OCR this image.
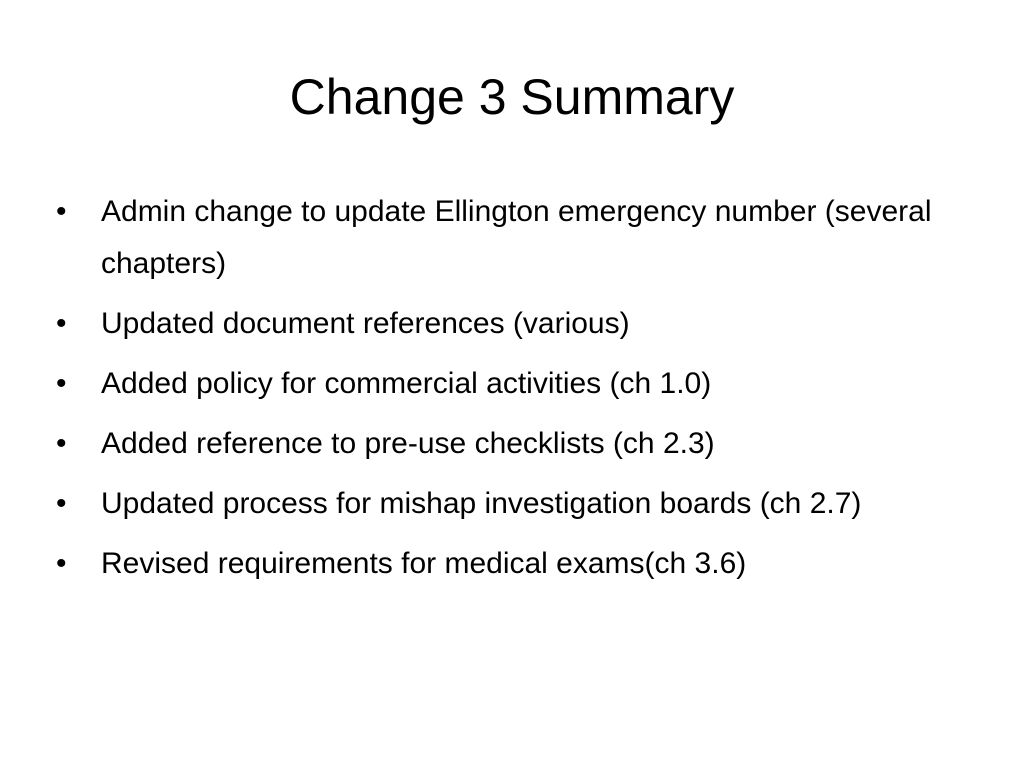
Change 3 Summary
•	Admin change to update Ellington emergency number (several chapters)
•	Updated document references (various)
•	Added policy for commercial activities (ch 1.0)
•	Added reference to pre-use checklists (ch 2.3)
•	Updated process for mishap investigation boards (ch 2.7)
•	Revised requirements for medical exams(ch 3.6)
